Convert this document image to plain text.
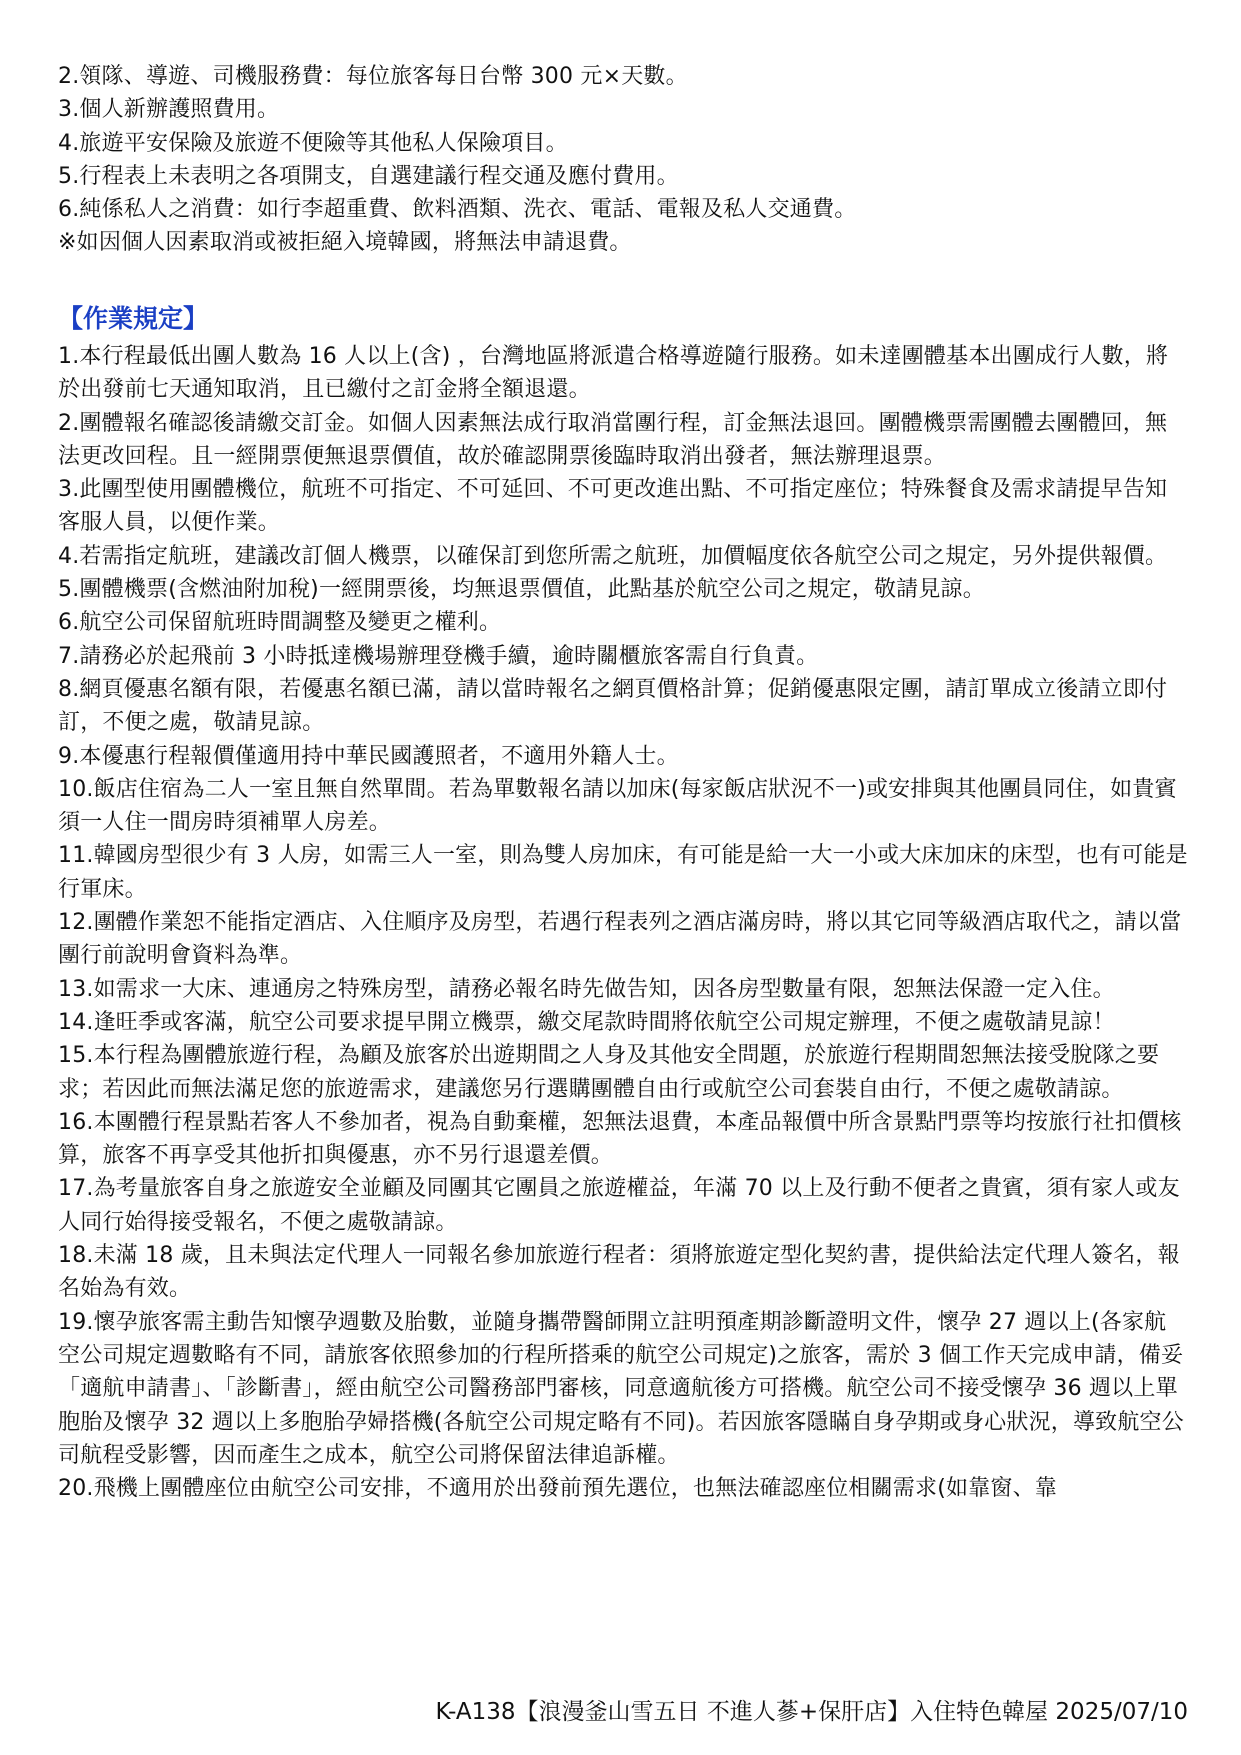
2.領隊、導遊、司機服務費：每位旅客每日台幣 300 元×天數。

3.個人新辦護照費用。

4.旅遊平安保險及旅遊不便險等其他私人保險項目。

5.行程表上未表明之各項開支，自選建議行程交通及應付費用。

6.純係私人之消費：如行李超重費、飲料酒類、洗衣、電話、電報及私人交通費。

※如因個人因素取消或被拒絕入境韓國，將無法申請退費。

【作業規定】

1.本行程最低出團人數為 16 人以上(含) ，台灣地區將派遣合格導遊隨行服務。如未達團體基本出團成行人數，將於出發前七天通知取消，且已繳付之訂金將全額退還。

2.團體報名確認後請繳交訂金。如個人因素無法成行取消當團行程，訂金無法退回。團體機票需團體去團體回，無法更改回程。且一經開票便無退票價值，故於確認開票後臨時取消出發者，無法辦理退票。

3.此團型使用團體機位，航班不可指定、不可延回、不可更改進出點、不可指定座位；特殊餐食及需求請提早告知客服人員，以便作業。

4.若需指定航班，建議改訂個人機票，以確保訂到您所需之航班，加價幅度依各航空公司之規定，另外提供報價。

5.團體機票(含燃油附加稅)一經開票後，均無退票價值，此點基於航空公司之規定，敬請見諒。

6.航空公司保留航班時間調整及變更之權利。

7.請務必於起飛前 3 小時抵達機場辦理登機手續，逾時關櫃旅客需自行負責。

8.網頁優惠名額有限，若優惠名額已滿，請以當時報名之網頁價格計算；促銷優惠限定團，請訂單成立後請立即付訂，不便之處，敬請見諒。

9.本優惠行程報價僅適用持中華民國護照者，不適用外籍人士。

10.飯店住宿為二人一室且無自然單間。若為單數報名請以加床(每家飯店狀況不一)或安排與其他團員同住，如貴賓須一人住一間房時須補單人房差。

11.韓國房型很少有 3 人房，如需三人一室，則為雙人房加床，有可能是給一大一小或大床加床的床型，也有可能是行軍床。

12.團體作業恕不能指定酒店、入住順序及房型，若遇行程表列之酒店滿房時，將以其它同等級酒店取代之，請以當團行前說明會資料為準。

13.如需求一大床、連通房之特殊房型，請務必報名時先做告知，因各房型數量有限，恕無法保證一定入住。

14.逢旺季或客滿，航空公司要求提早開立機票，繳交尾款時間將依航空公司規定辦理，不便之處敬請見諒！

15.本行程為團體旅遊行程，為顧及旅客於出遊期間之人身及其他安全問題，於旅遊行程期間恕無法接受脫隊之要求；若因此而無法滿足您的旅遊需求，建議您另行選購團體自由行或航空公司套裝自由行，不便之處敬請諒。

16.本團體行程景點若客人不參加者，視為自動棄權，恕無法退費，本產品報價中所含景點門票等均按旅行社扣價核算，旅客不再享受其他折扣與優惠，亦不另行退還差價。

17.為考量旅客自身之旅遊安全並顧及同團其它團員之旅遊權益，年滿 70 以上及行動不便者之貴賓，須有家人或友人同行始得接受報名，不便之處敬請諒。

18.未滿 18 歲，且未與法定代理人一同報名參加旅遊行程者：須將旅遊定型化契約書，提供給法定代理人簽名，報名始為有效。

19.懷孕旅客需主動告知懷孕週數及胎數，並隨身攜帶醫師開立註明預產期診斷證明文件，懷孕 27 週以上(各家航空公司規定週數略有不同，請旅客依照參加的行程所搭乘的航空公司規定)之旅客，需於 3 個工作天完成申請，備妥「適航申請書」、「診斷書」，經由航空公司醫務部門審核，同意適航後方可搭機。航空公司不接受懷孕 36 週以上單胞胎及懷孕 32 週以上多胞胎孕婦搭機(各航空公司規定略有不同)。若因旅客隱瞞自身孕期或身心狀況，導致航空公司航程受影響，因而產生之成本，航空公司將保留法律追訴權。

20.飛機上團體座位由航空公司安排，不適用於出發前預先選位，也無法確認座位相關需求(如靠窗、靠

K-A138【浪漫釜山雪五日 不進人蔘+保肝店】入住特色韓屋 2025/07/10
